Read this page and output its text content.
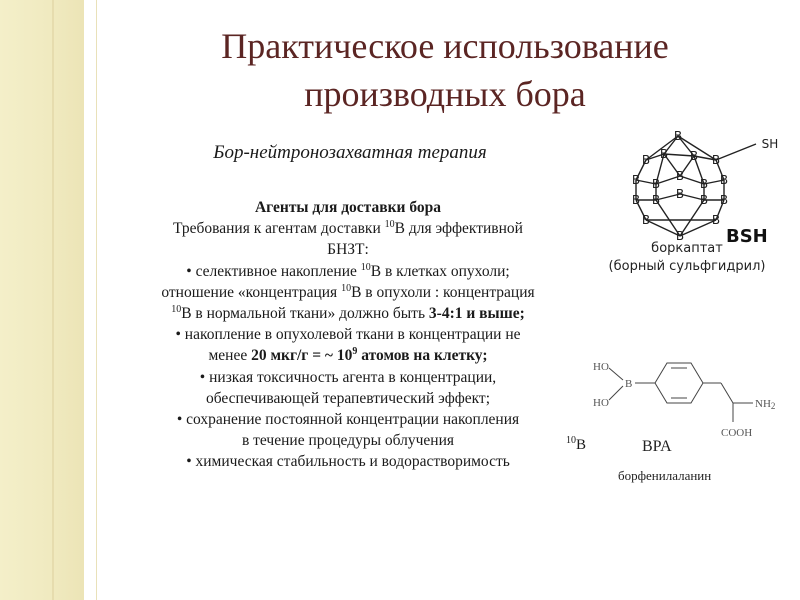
Практическое использование
производных бора
Бор-нейтронозахватная терапия
Агенты для доставки бора
Требования к агентам доставки $^{10}$В для эффективной
БНЗТ:
• селективное накопление $^{10}$В в клетках опухоли;
отношение «концентрация $^{10}$В в опухоли : концентрация
$^{10}$В в нормальной ткани» должно быть 3‑4:1 и выше;
• накопление в опухолевой ткани в концентрации не
менее 20 мкг/г = ~ $10^9$ атомов на клетку;
• низкая токсичность агента в концентрации,
обеспечивающей терапевтический эффект;
• сохранение постоянной концентрации накопления
в течение процедуры облучения
• химическая стабильность и водорастворимость
$^{10}$В
B
B B B B
B	B	B
B	B
B B B B B
B	B
B
SH
BSH
боркаптат
(борный сульфгидрил)
HO
B
HO	NH2
COOH
BPA
борфенилаланин
